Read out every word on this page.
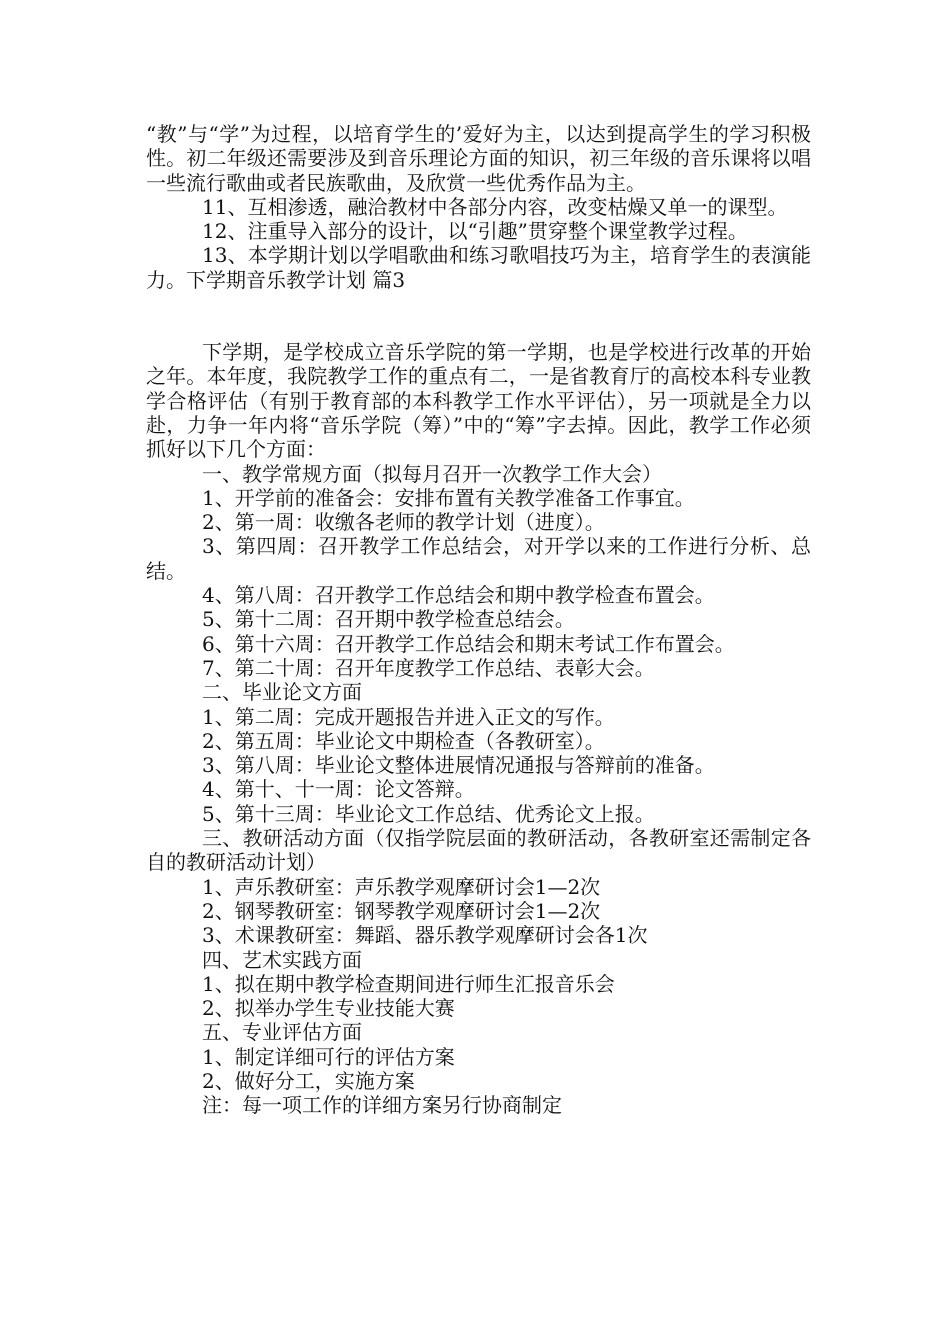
“教”与“学”为过程，以培育学生的’爱好为主，以达到提高学生的学习积极性。初二年级还需要涉及到音乐理论方面的知识，初三年级的音乐课将以唱一些流行歌曲或者民族歌曲，及欣赏一些优秀作品为主。

11、互相渗透，融洽教材中各部分内容，改变枯燥又单一的课型。

12、注重导入部分的设计，以“引趣”贯穿整个课堂教学过程。

13、本学期计划以学唱歌曲和练习歌唱技巧为主，培育学生的表演能力。下学期音乐教学计划 篇3

下学期，是学校成立音乐学院的第一学期，也是学校进行改革的开始之年。本年度，我院教学工作的重点有二，一是省教育厅的高校本科专业教学合格评估（有别于教育部的本科教学工作水平评估），另一项就是全力以赴，力争一年内将“音乐学院（筹）”中的“筹”字去掉。因此，教学工作必须抓好以下几个方面：

一、教学常规方面（拟每月召开一次教学工作大会）

1、开学前的准备会：安排布置有关教学准备工作事宜。

2、第一周：收缴各老师的教学计划（进度）。

3、第四周：召开教学工作总结会，对开学以来的工作进行分析、总结。

4、第八周：召开教学工作总结会和期中教学检查布置会。

5、第十二周：召开期中教学检查总结会。

6、第十六周：召开教学工作总结会和期末考试工作布置会。

7、第二十周：召开年度教学工作总结、表彰大会。

二、毕业论文方面

1、第二周：完成开题报告并进入正文的写作。

2、第五周：毕业论文中期检查（各教研室）。

3、第八周：毕业论文整体进展情况通报与答辩前的准备。

4、第十、十一周：论文答辩。

5、第十三周：毕业论文工作总结、优秀论文上报。

三、教研活动方面（仅指学院层面的教研活动，各教研室还需制定各自的教研活动计划）

1、声乐教研室：声乐教学观摩研讨会1—2次

2、钢琴教研室：钢琴教学观摩研讨会1—2次

3、术课教研室：舞蹈、器乐教学观摩研讨会各1次

四、艺术实践方面

1、拟在期中教学检查期间进行师生汇报音乐会

2、拟举办学生专业技能大赛

五、专业评估方面

1、制定详细可行的评估方案

2、做好分工，实施方案

注：每一项工作的详细方案另行协商制定
